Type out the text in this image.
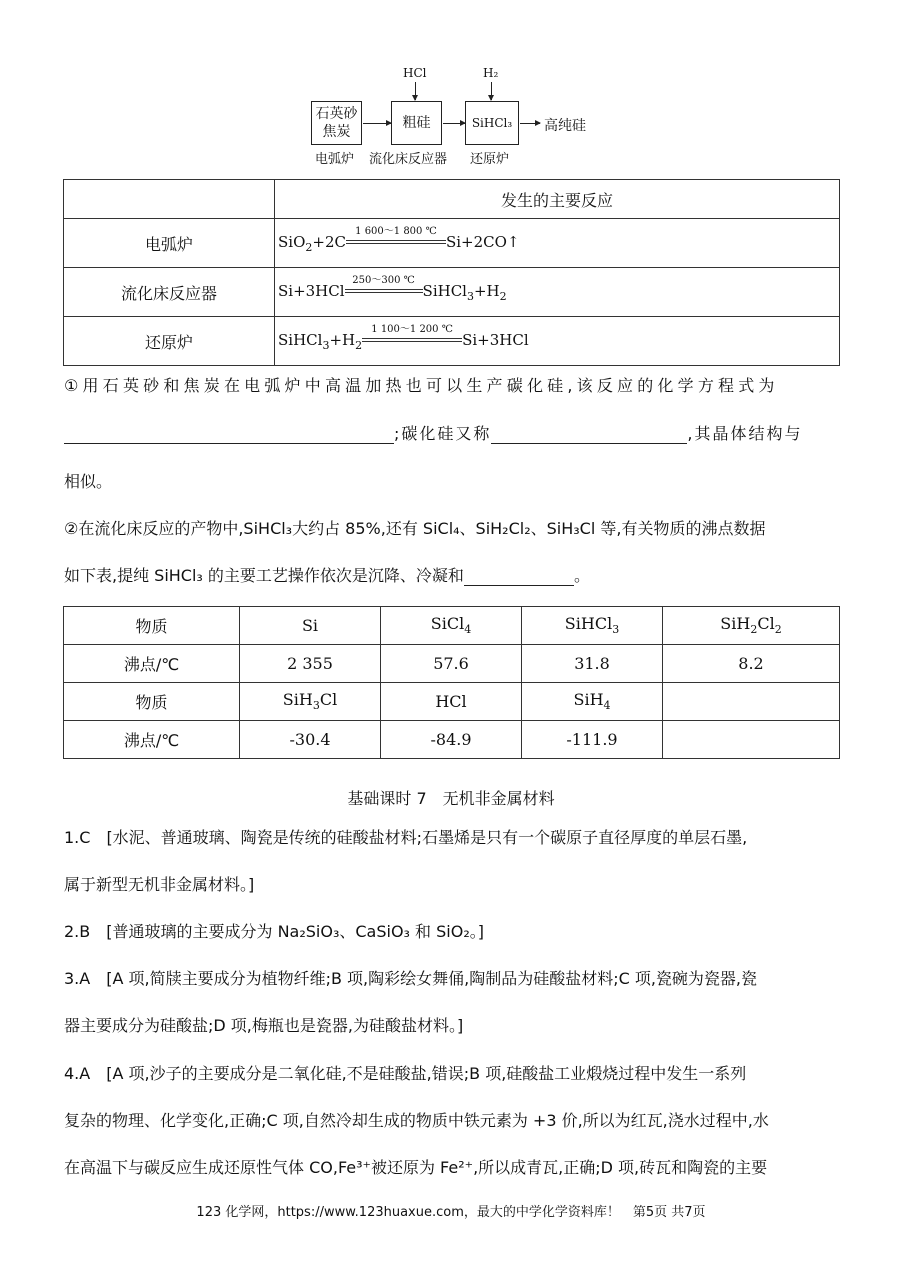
石英砂
焦炭
粗硅	SiHCl₃ 高纯硅
HCl	H₂
电弧炉 流化床反应器 还原炉
	发生的主要反应
电弧炉	SiO$_2$+2C
1 600～1 800 ℃
Si+2CO↑
流化床反应器	Si+3HCl
250～300 ℃
$SiHCl_3+H_2$
还原炉	$SiHCl_3+H_2$
1 100～1 200 ℃
Si+3HCl
①用石英砂和焦炭在电弧炉中高温加热也可以生产碳化硅,该反应的化学方程式为
;碳化硅又称	,其晶体结构与
相似。
②在流化床反应的产物中,SiHCl₃大约占 85%,还有 SiCl₄、SiH₂Cl₂、SiH₃Cl 等,有关物质的沸点数据
如下表,提纯 SiHCl₃ 的主要工艺操作依次是沉降、冷凝和	。
物质	Si	SiCl$_4$	SiHCl$_3$	$SiH_2Cl_2$
沸点/℃	2 355	57.6	31.8	8.2
物质	SiH$_3$Cl	HCl	SiH$_4$	
沸点/℃	-30.4	-84.9	-111.9	
基础课时 7　无机非金属材料
1.C　[水泥、普通玻璃、陶瓷是传统的硅酸盐材料;石墨烯是只有一个碳原子直径厚度的单层石墨,
属于新型无机非金属材料。]
2.B　[普通玻璃的主要成分为 Na₂SiO₃、CaSiO₃ 和 SiO₂。]
3.A　[A 项,简牍主要成分为植物纤维;B 项,陶彩绘女舞俑,陶制品为硅酸盐材料;C 项,瓷碗为瓷器,瓷
器主要成分为硅酸盐;D 项,梅瓶也是瓷器,为硅酸盐材料。]
4.A　[A 项,沙子的主要成分是二氧化硅,不是硅酸盐,错误;B 项,硅酸盐工业煅烧过程中发生一系列
复杂的物理、化学变化,正确;C 项,自然冷却生成的物质中铁元素为 +3 价,所以为红瓦,浇水过程中,水
在高温下与碳反应生成还原性气体 CO,Fe³⁺被还原为 Fe²⁺,所以成青瓦,正确;D 项,砖瓦和陶瓷的主要
123 化学网，https://www.123huaxue.com，最大的中学化学资料库！　第5页 共7页
